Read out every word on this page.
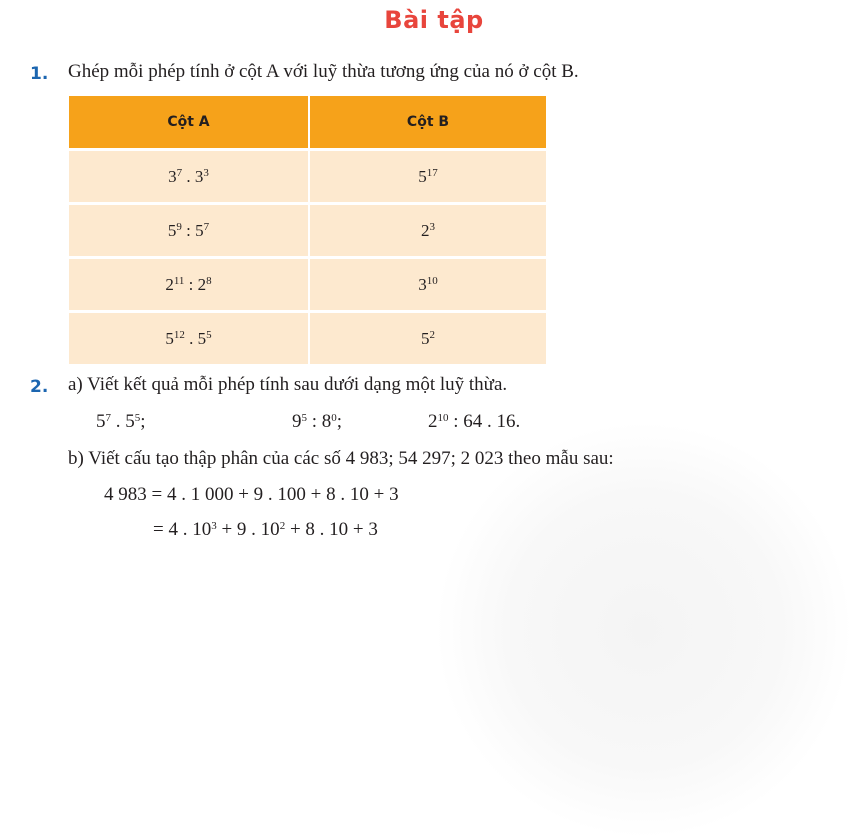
Bài tập
1. Ghép mỗi phép tính ở cột A với luỹ thừa tương ứng của nó ở cột B.
Cột A	Cột B
$3^7$ . $3^3$	$5^{17}$
$5^9$ : $5^7$	$2^3$
$2^{11}$ : $2^8$	$3^{10}$
$5^{12}$ . $5^5$	$5^2$
2. a) Viết kết quả mỗi phép tính sau dưới dạng một luỹ thừa.
$5^7$ . $5^5$;	$9^5$ : $8^0$;	$2^{10}$ : 64 . 16.
b) Viết cấu tạo thập phân của các số 4 983; 54 297; 2 023 theo mẫu sau:
4 983 = 4 . 1 000 + 9 . 100 + 8 . 10 + 3
= 4 . $10^3 + 9$ . $10^2 + 8$ . 10 + 3
